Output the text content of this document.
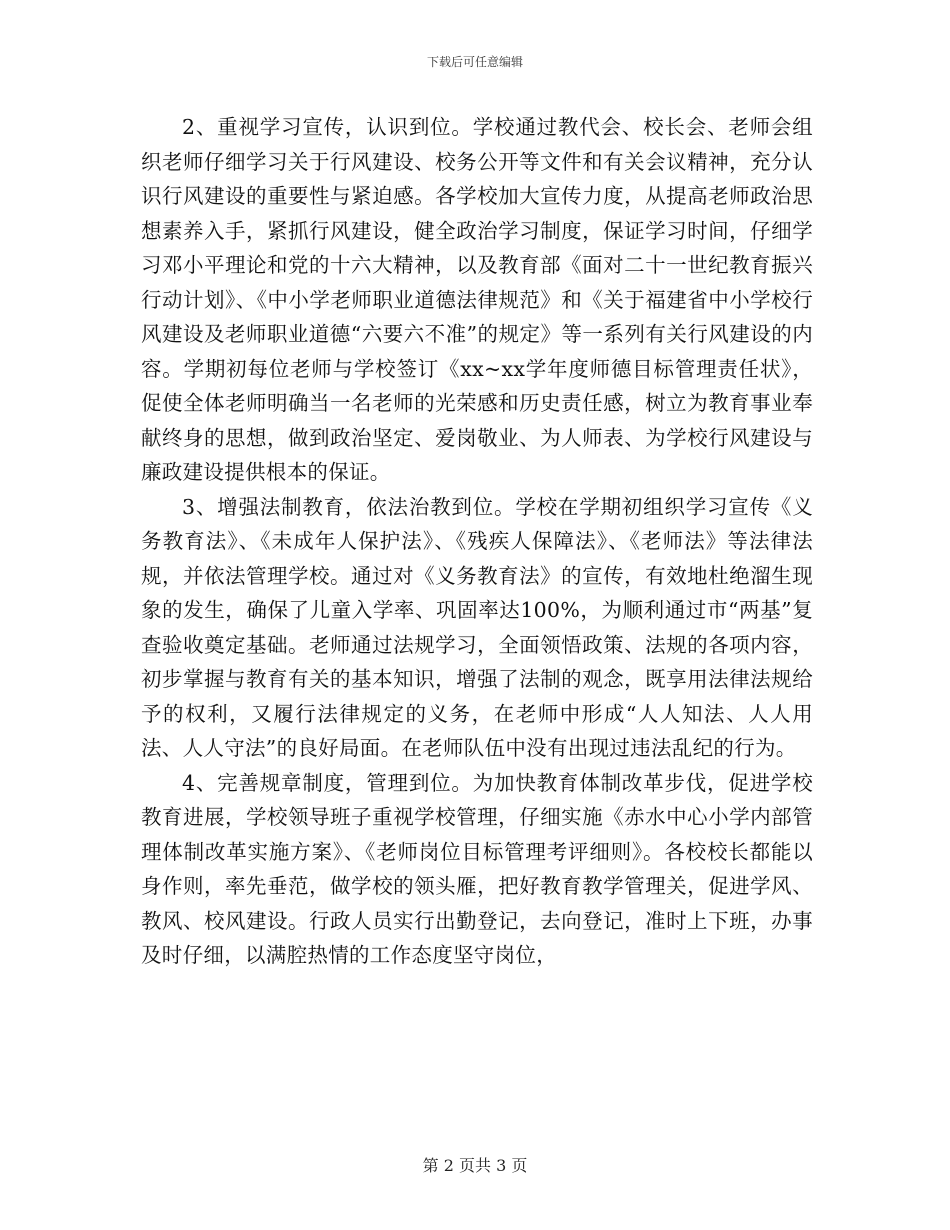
下载后可任意编辑

2、重视学习宣传，认识到位。学校通过教代会、校长会、老师会组织老师仔细学习关于行风建设、校务公开等文件和有关会议精神，充分认识行风建设的重要性与紧迫感。各学校加大宣传力度，从提高老师政治思想素养入手，紧抓行风建设，健全政治学习制度，保证学习时间，仔细学习邓小平理论和党的十六大精神，以及教育部《面对二十一世纪教育振兴行动计划》、《中小学老师职业道德法律规范》和《关于福建省中小学校行风建设及老师职业道德“六要六不准”的规定》等一系列有关行风建设的内容。学期初每位老师与学校签订《xx~xx学年度师德目标管理责任状》，促使全体老师明确当一名老师的光荣感和历史责任感，树立为教育事业奉献终身的思想，做到政治坚定、爱岗敬业、为人师表、为学校行风建设与廉政建设提供根本的保证。

3、增强法制教育，依法治教到位。学校在学期初组织学习宣传《义务教育法》、《未成年人保护法》、《残疾人保障法》、《老师法》等法律法规，并依法管理学校。通过对《义务教育法》的宣传，有效地杜绝溜生现象的发生，确保了儿童入学率、巩固率达100%，为顺利通过市“两基”复查验收奠定基础。老师通过法规学习，全面领悟政策、法规的各项内容，初步掌握与教育有关的基本知识，增强了法制的观念，既享用法律法规给予的权利，又履行法律规定的义务，在老师中形成“人人知法、人人用法、人人守法”的良好局面。在老师队伍中没有出现过违法乱纪的行为。

4、完善规章制度，管理到位。为加快教育体制改革步伐，促进学校教育进展，学校领导班子重视学校管理，仔细实施《赤水中心小学内部管理体制改革实施方案》、《老师岗位目标管理考评细则》。各校校长都能以身作则，率先垂范，做学校的领头雁，把好教育教学管理关，促进学风、教风、校风建设。行政人员实行出勤登记，去向登记，准时上下班，办事及时仔细，以满腔热情的工作态度坚守岗位，

第 2 页共 3 页
